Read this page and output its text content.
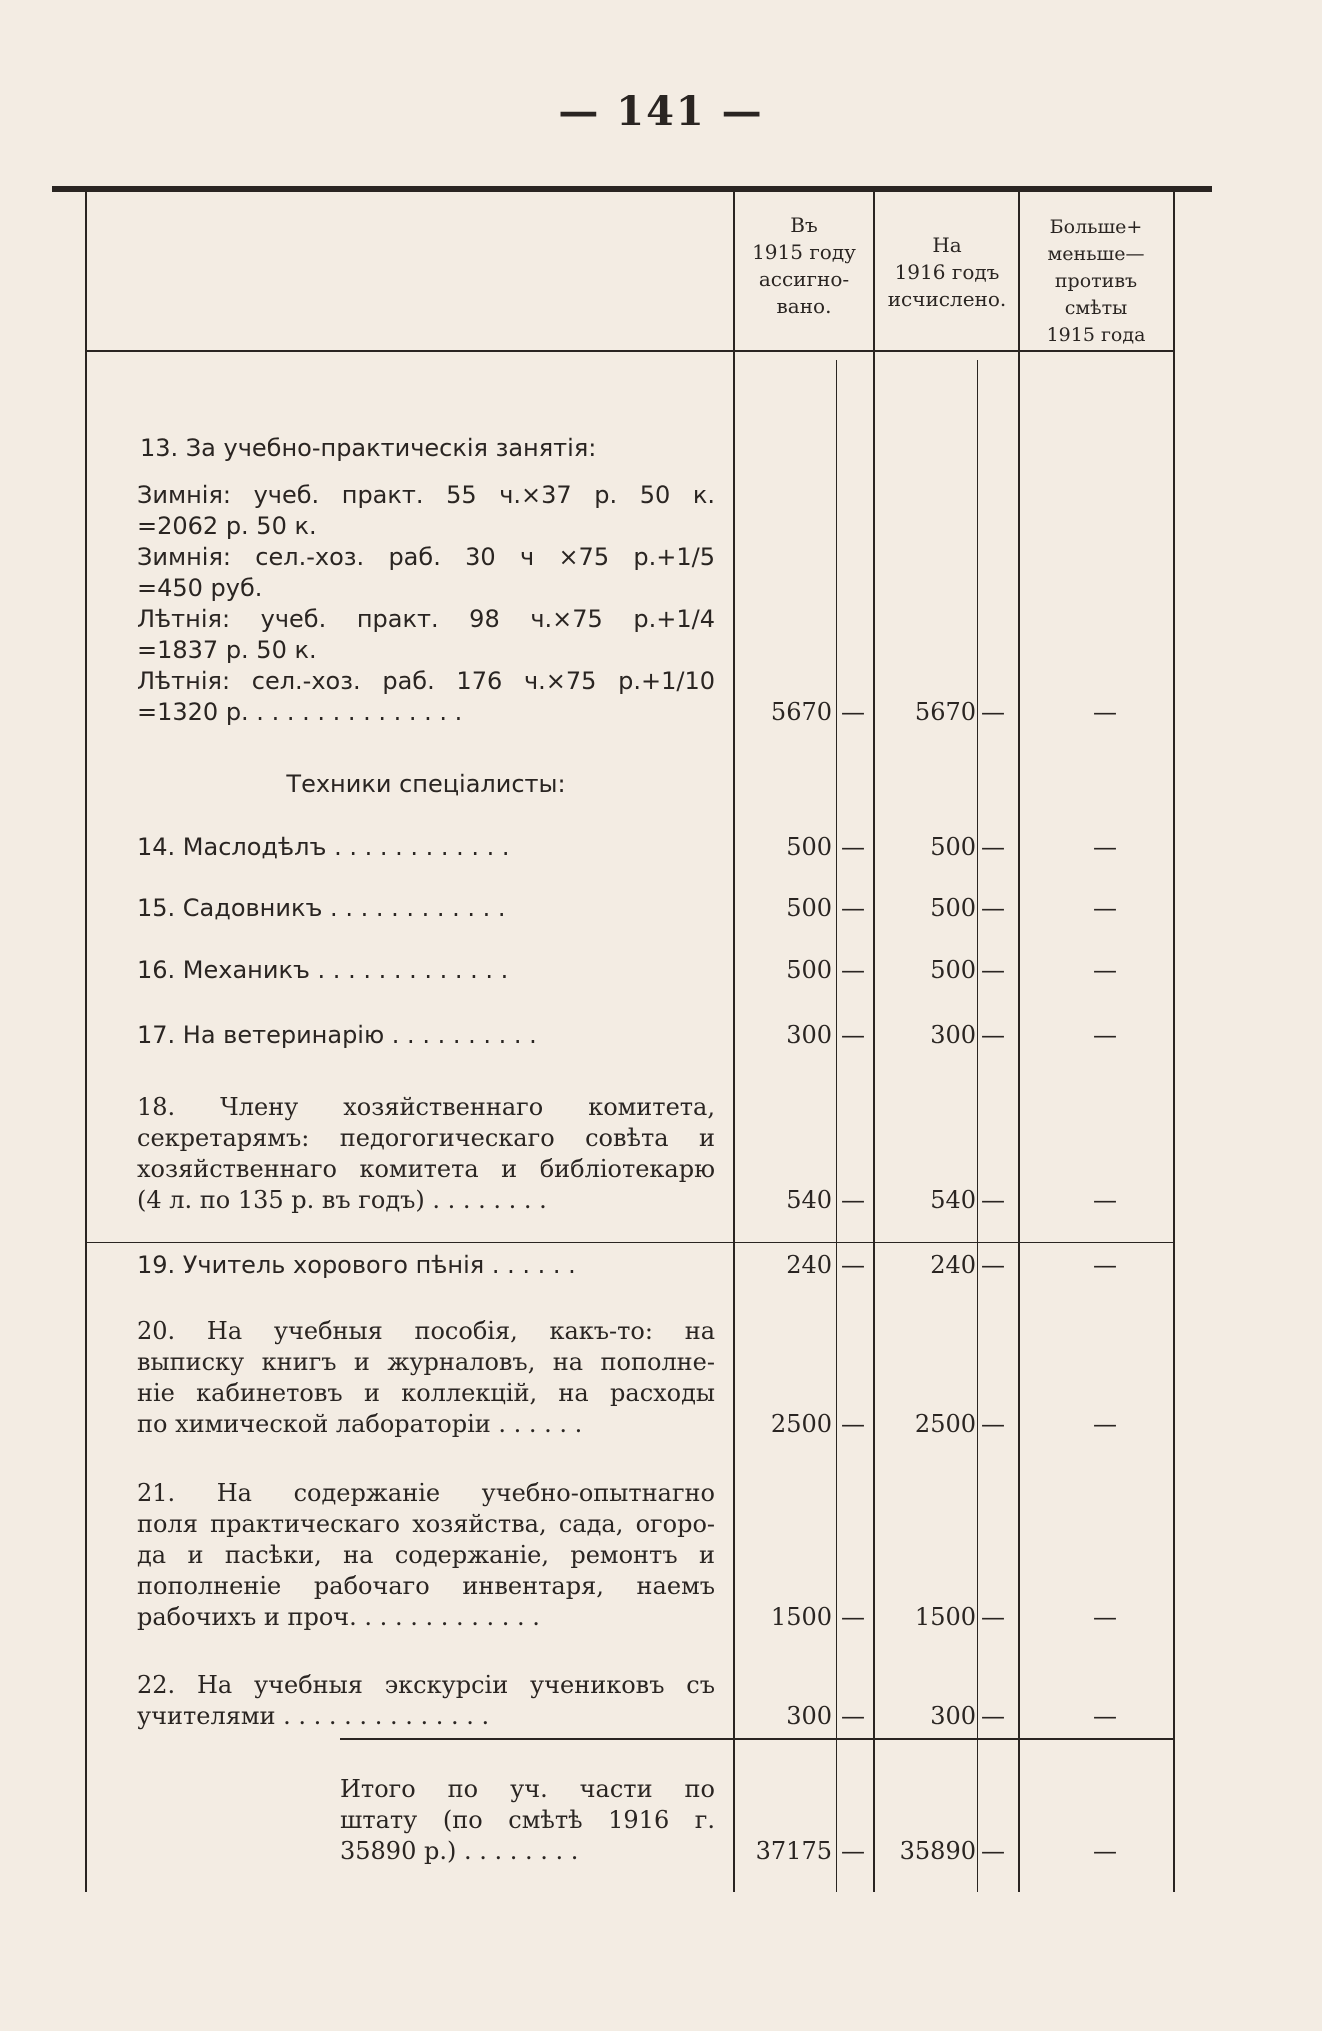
— 141 —
Въ
1915 году
ассигно-
вано.
На
1916 годъ
исчислено.
Больше+
меньше—
противъ
смѣты
1915 года
13. За учебно-практическія занятія:
Зимнія: учеб. практ. 55 ч.×37 р. 50 к.
=2062 р. 50 к.
Зимнія: сел.-хоз. раб. 30 ч ×75 р.+1/5
=450 руб.
Лѣтнія: учеб. практ. 98 ч.×75 р.+1/4
=1837 р. 50 к.
Лѣтнія: сел.-хоз. раб. 176 ч.×75 р.+1/10
=1320 р. . . . . . . . . . . . . . .	5670 —	5670 —	—
Техники спеціалисты:
14. Маслодѣлъ . . . . . . . . . . . .	500 —	500 —	—
15. Садовникъ . . . . . . . . . . . .	500 —	500 —	—
16. Механикъ . . . . . . . . . . . . .	500 —	500 —	—
17. На ветеринарію . . . . . . . . . .	300 —	300 —	—
18. Члену хозяйственнаго комитета,
секретарямъ: педогогическаго совѣта и
хозяйственнаго комитета и библіотекарю
(4 л. по 135 р. въ годъ) . . . . . . . .	540 —	540 —	—
19. Учитель хорового пѣнія . . . . . .	240 —	240 —	—
20. На учебныя пособія, какъ-то: на
выписку книгъ и журналовъ, на пополне-
ніе кабинетовъ и коллекцій, на расходы
по химической лабораторіи . . . . . .	2500 —	2500 —	—
21. На содержаніе учебно-опытнагно
поля практическаго хозяйства, сада, огоро-
да и пасѣки, на содержаніе, ремонтъ и
пополненіе рабочаго инвентаря, наемъ
рабочихъ и проч. . . . . . . . . . . . .	1500 —	1500 —	—
22. На учебныя экскурсіи учениковъ съ
учителями . . . . . . . . . . . . . .	300 —	300 —	—
Итого по уч. части по
штату (по смѣтѣ 1916 г.
35890 р.) . . . . . . . .	37175 —	35890 —	—
